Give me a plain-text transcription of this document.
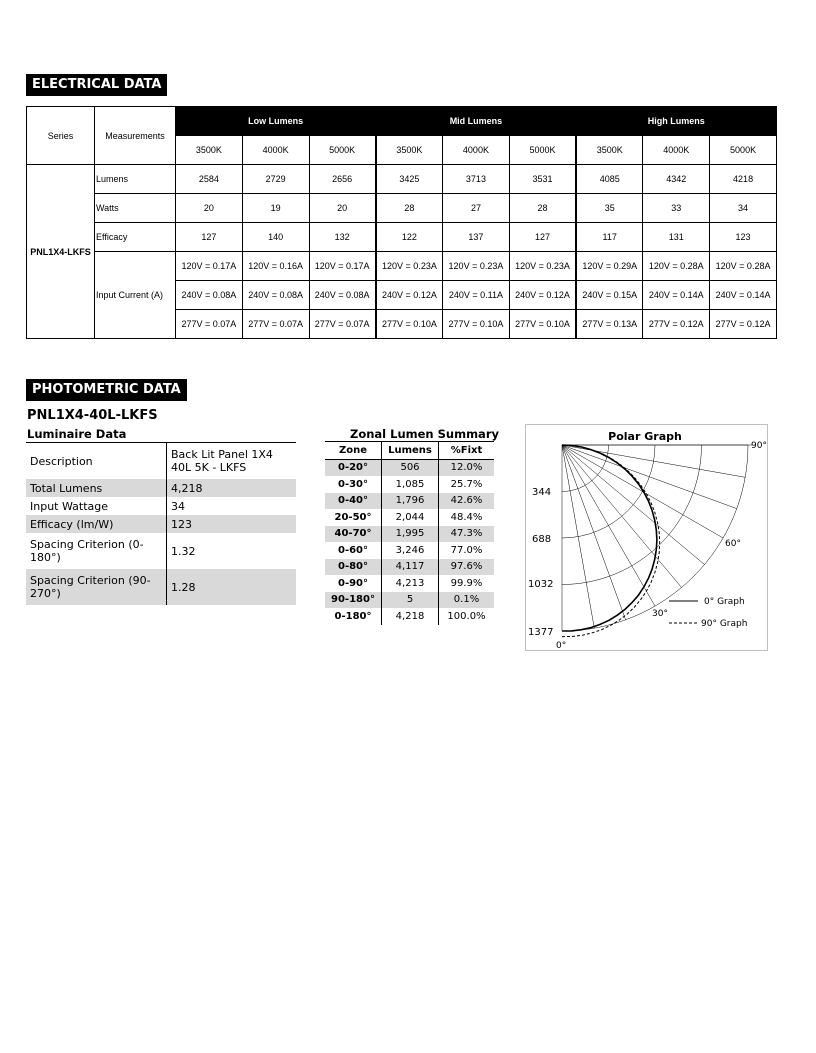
ELECTRICAL DATA
Series	Measurements	Low Lumens			Mid Lumens			High Lumens		
		3500K	4000K	5000K	3500K	4000K	5000K	3500K	4000K	5000K
PNL1X4-LKFS	Lumens	2584	2729	2656	3425	3713	3531	4085	4342	4218
	Watts	20	19	20	28	27	28	35	33	34
	Efficacy	127	140	132	122	137	127	117	131	123
	Input Current (A)	120V = 0.17A	120V = 0.16A	120V = 0.17A	120V = 0.23A	120V = 0.23A	120V = 0.23A	120V = 0.29A	120V = 0.28A	120V = 0.28A
		240V = 0.08A	240V = 0.08A	240V = 0.08A	240V = 0.12A	240V = 0.11A	240V = 0.12A	240V = 0.15A	240V = 0.14A	240V = 0.14A
		277V = 0.07A	277V = 0.07A	277V = 0.07A	277V = 0.10A	277V = 0.10A	277V = 0.10A	277V = 0.13A	277V = 0.12A	277V = 0.12A
PHOTOMETRIC DATA
PNL1X4-40L-LKFS
Luminaire Data
Description	Back Lit Panel 1X4 40L 5K - LKFS
Total Lumens	4,218
Input Wattage	34
Efficacy (lm/W)	123
Spacing Criterion (0-180°)	1.32
Spacing Criterion (90-270°)	1.28
Zonal Lumen Summary
Zone	Lumens	%Fixt
0-20°	506	12.0%
0-30°	1,085	25.7%
0-40°	1,796	42.6%
20-50°	2,044	48.4%
40-70°	1,995	47.3%
0-60°	3,246	77.0%
0-80°	4,117	97.6%
0-90°	4,213	99.9%
90-180°	5	0.1%
0-180°	4,218	100.0%
Polar Graph
344
688
1032
1377
0°
30°
60°
90°
0° Graph
90° Graph
